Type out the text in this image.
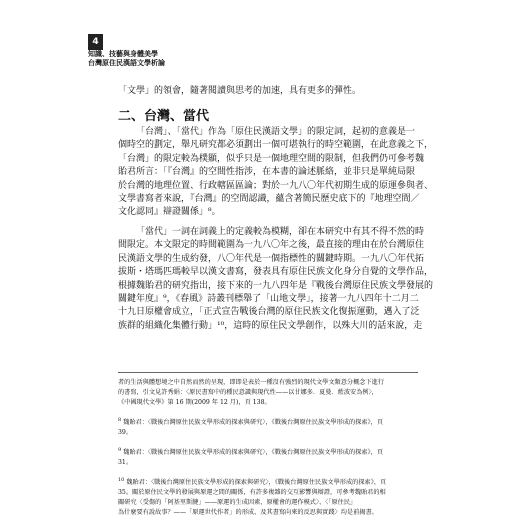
4
知識、技藝與身體美學
台灣原住民漢語文學析論
「文學」的領會，隨著閱讀與思考的加速，具有更多的彈性。
二、台灣、當代

「台灣」、「當代」作為「原住民漢語文學」的限定詞，起初的意義是一

個時空的劃定，舉凡研究都必須劃出一個可堪執行的時空範圍，在此意義之下，

「台灣」的限定較為樸顯，似乎只是一個地理空間的限制，但我們仍可參考魏

貽君所言：「『台灣』的空間性指涉，在本書的論述脈絡，並非只是單純局限

於台灣的地理位置、行政轄區區論；對於一九八〇年代初期生成的原運參與者、

文學書寫者來說，『台灣』的空間認識，蘊含著簡民歷史底下的『地理空間／

文化認同』辯證關係」⁸。

「當代」一詞在詞義上的定義較為模糊，卻在本研究中有其不得不然的時

間限定。本文限定的時間範圍為一九八〇年之後，最直接的理由在於台灣原住

民漢語文學的生成約發，八〇年代是一個指標性的關鍵時期。一九八〇年代拓

拔斯・塔瑪匹瑪較早以漢文書寫，發表具有原住民族文化身分自覺的文學作品，

根據魏貽君的研究指出，接下來的一九八四年是『戰後台灣原住民族文學發展的

關鍵年度』⁹，《春風》詩叢刊標舉了「山地文學」，接著一九八四年十二月二

十九日原權會成立，「正式宣告戰後台灣的原住民族文化復振運動，邁入了泛

族群的組織化集體行動」¹⁰，這時的原住民文學創作，以殊大川的話來說，走

者的生活與體想境之中自然而然的呈現，即即是表於一種沒有強烈的現代文學文類意分概念下進行
的書寫，引文見許秀娟：〈原民書寫中的種民意識與現代性——以甘娜多．夏曼．藍波安為例〉，
《中國現代文學》第 16 期(2009 年 12 月)，頁 138。
$^8$ 魏貽君：〈戰後台灣原住民族文學形成的探索與研究〉，《戰後台灣原住民族文學形成的探索》，頁
39。
$^9$ 魏貽君：〈戰後台灣原住民族文學形成的探索與研究〉，《戰後台灣原住民族文學形成的探索》，頁
31。
$^{10}$ 魏貽君：〈戰後台灣原住民族文學形成的探索與研究〉，《戰後台灣原住民族文學形成的探索》，頁
35。關於原住民文學的發展與原運之間的關係，有許多複雜的交互影響與辯證，可參考魏貽君的相
關研究〈受傷的「阿基里斯腱」——原運的生成因素、原權會的運作模式〉、〈「原住民」
為什麼要有說故事？——「原運世代作者」的形成、及其書寫向來的反思與實踐〉均是前揭書。
